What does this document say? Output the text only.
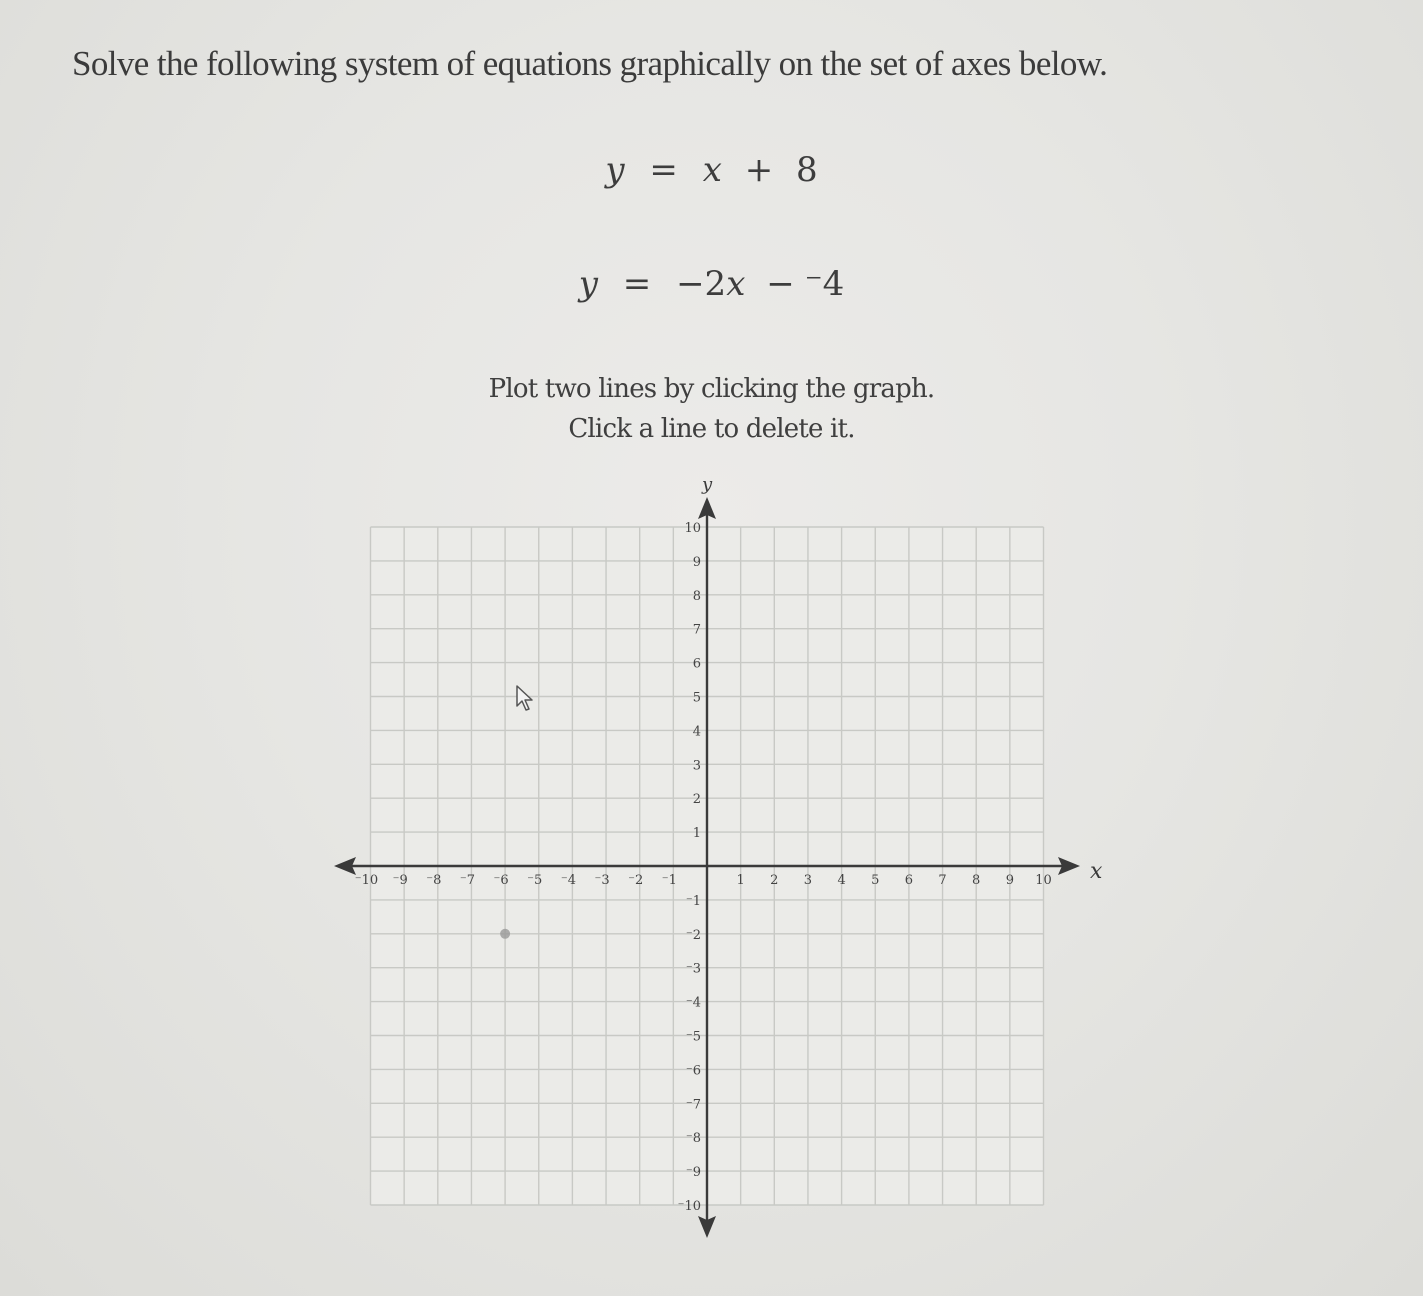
Solve the following system of equations graphically on the set of axes below.
y = x + 8
y = −2x − ⁻4
Plot two lines by clicking the graph.
Click a line to delete it.
x
y
⁻10 ⁻9 ⁻8 ⁻7 ⁻6 ⁻5 ⁻4 ⁻3 ⁻2 ⁻1	1 2 3 4 5 6 7 8 9 10
10
9
8
7
6
5
4
3
2
1
⁻1
⁻2
⁻3
⁻4
⁻5
⁻6
⁻7
⁻8
⁻9
⁻10
